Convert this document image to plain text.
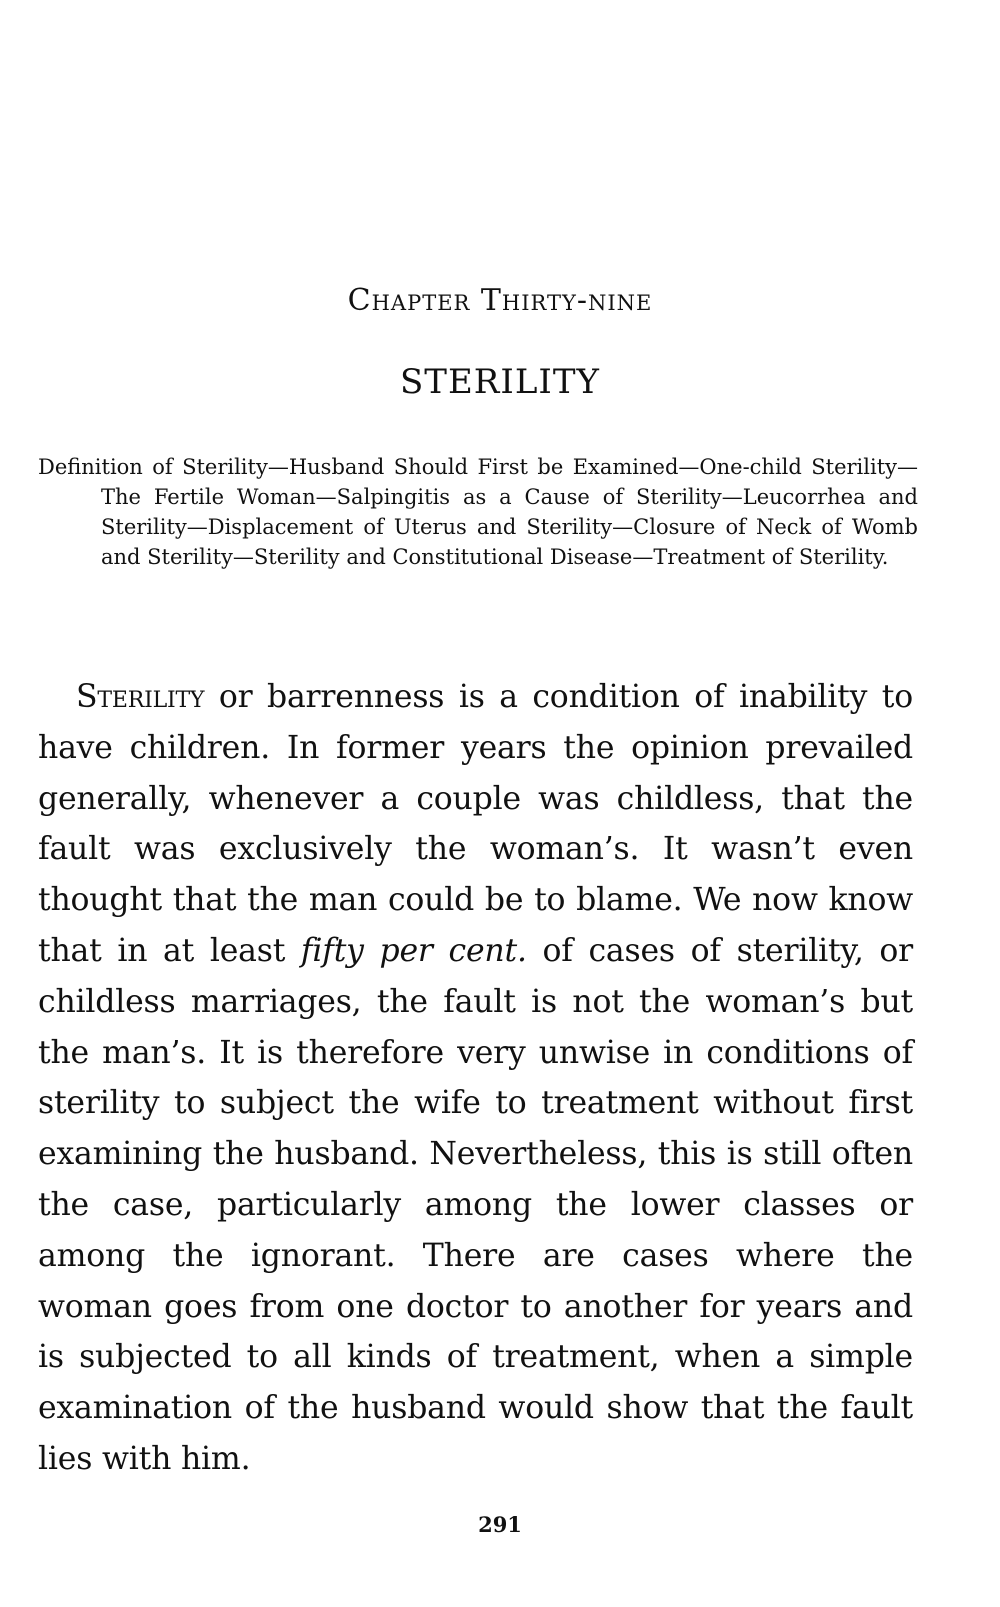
Chapter Thirty-nine
STERILITY
Definition of Sterility—Husband Should First be Examined—One-child Sterility—The Fertile Woman—Salpingitis as a Cause of Sterility—Leucorrhea and Sterility—Displacement of Uterus and Sterility—Closure of Neck of Womb and Sterility—Sterility and Constitutional Disease—Treatment of Sterility.

Sterility or barrenness is a condition of inability to have children. In former years the opinion prevailed generally, whenever a couple was childless, that the fault was exclusively the woman’s. It wasn’t even thought that the man could be to blame. We now know that in at least fifty per cent. of cases of sterility, or childless marriages, the fault is not the woman’s but the man’s. It is therefore very unwise in conditions of sterility to subject the wife to treatment without first examining the husband. Nevertheless, this is still often the case, particularly among the lower classes or among the ignorant. There are cases where the woman goes from one doctor to another for years and is subjected to all kinds of treatment, when a simple examination of the husband would show that the fault lies with him.

291
